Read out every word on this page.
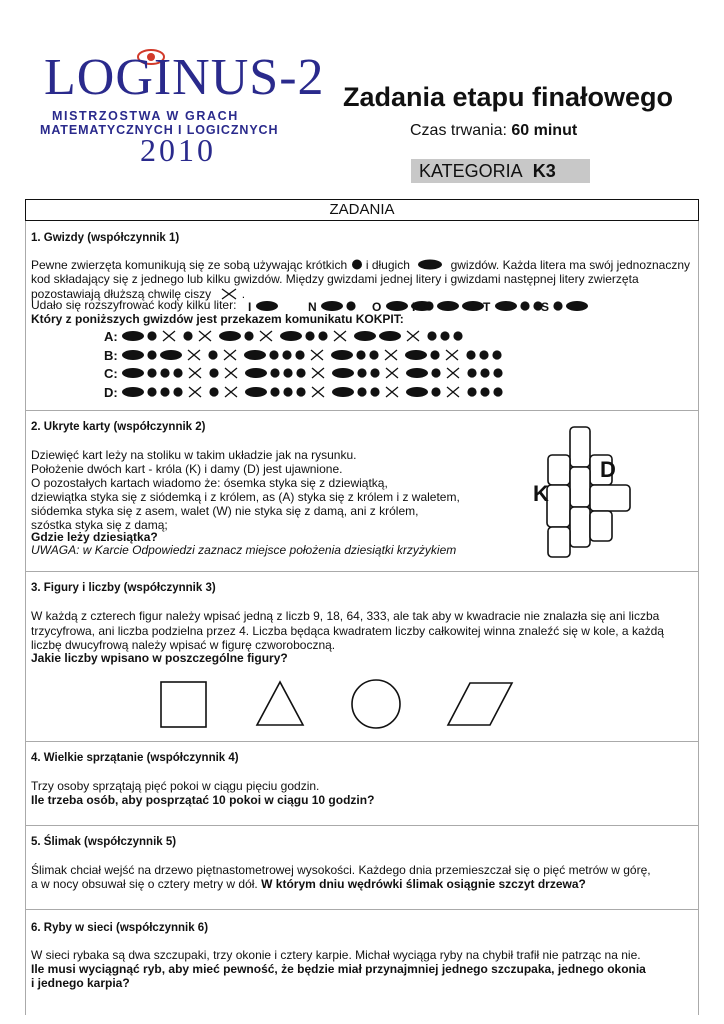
LOGINUS-2
MISTRZOSTWA W GRACH
MATEMATYCZNYCH I LOGICZNYCH
2010
Zadania etapu finałowego
Czas trwania: 60 minut
KATEGORIA K3
ZADANIA
1. Gwizdy (współczynnik 1)
Pewne zwierzęta komunikują się ze sobą używając krótkich i długich	gwizdów. Każda litera ma swój jednoznaczny
kod składający się z jednego lub kilku gwizdów. Między gwizdami jednej litery i gwizdami następnej litery zwierzęta
pozostawiają dłuższą chwilę ciszy	.
Udało się rozszyfrować kody kilku liter:
Który z poniższych gwizdów jest przekazem komunikatu KOKPIT:
I	N	O	P	T	S
A:
B:
C:
D:
2. Ukryte karty (współczynnik 2)
Dziewięć kart leży na stoliku w takim układzie jak na rysunku.
Położenie dwóch kart - króla (K) i damy (D) jest ujawnione.
O pozostałych kartach wiadomo że: ósemka styka się z dziewiątką,
dziewiątka styka się z siódemką i z królem, as (A) styka się z królem i z waletem,
siódemka styka się z asem, walet (W) nie styka się z damą, ani z królem,
szóstka styka się z damą;
Gdzie leży dziesiątka?
UWAGA: w Karcie Odpowiedzi zaznacz miejsce położenia dziesiątki krzyżykiem
K
D
3. Figury i liczby (współczynnik 3)
W każdą z czterech figur należy wpisać jedną z liczb 9, 18, 64, 333, ale tak aby w kwadracie nie znalazła się ani liczba
trzycyfrowa, ani liczba podzielna przez 4. Liczba będąca kwadratem liczby całkowitej winna znaleźć się w kole, a każdą
liczbę dwucyfrową należy wpisać w figurę czworoboczną.
Jakie liczby wpisano w poszczególne figury?
4. Wielkie sprzątanie (współczynnik 4)
Trzy osoby sprzątają pięć pokoi w ciągu pięciu godzin.
Ile trzeba osób, aby posprzątać 10 pokoi w ciągu 10 godzin?
5. Ślimak (współczynnik 5)
Ślimak chciał wejść na drzewo piętnastometrowej wysokości. Każdego dnia przemieszczał się o pięć metrów w górę,
a w nocy obsuwał się o cztery metry w dół. W którym dniu wędrówki ślimak osiągnie szczyt drzewa?
6. Ryby w sieci (współczynnik 6)
W sieci rybaka są dwa szczupaki, trzy okonie i cztery karpie. Michał wyciąga ryby na chybił trafił nie patrząc na nie.
Ile musi wyciągnąć ryb, aby mieć pewność, że będzie miał przynajmniej jednego szczupaka, jednego okonia
i jednego karpia?
